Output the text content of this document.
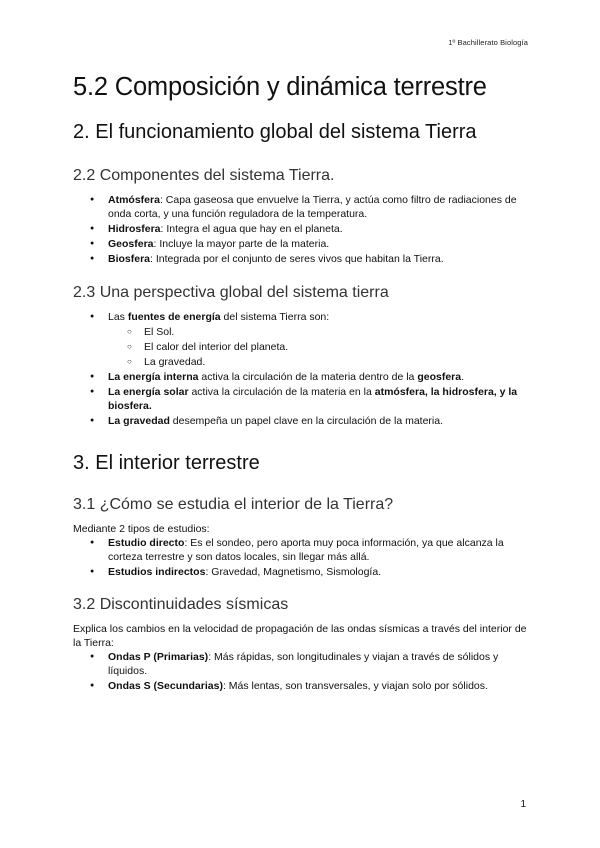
1º Bachillerato Biología
5.2 Composición y dinámica terrestre
2. El funcionamiento global del sistema Tierra
2.2 Componentes del sistema Tierra.
● Atmósfera: Capa gaseosa que envuelve la Tierra, y actúa como filtro de radiaciones de onda corta, y una función reguladora de la temperatura.
● Hidrosfera: Integra el agua que hay en el planeta.
● Geosfera: Incluye la mayor parte de la materia.
● Biosfera: Integrada por el conjunto de seres vivos que habitan la Tierra.
2.3 Una perspectiva global del sistema tierra
● Las fuentes de energía del sistema Tierra son:
○ El Sol.
○ El calor del interior del planeta.
○ La gravedad.
● La energía interna activa la circulación de la materia dentro de la geosfera.
● La energía solar activa la circulación de la materia en la atmósfera, la hidrosfera, y la biosfera.
● La gravedad desempeña un papel clave en la circulación de la materia.
3. El interior terrestre
3.1 ¿Cómo se estudia el interior de la Tierra?
Mediante 2 tipos de estudios:
● Estudio directo: Es el sondeo, pero aporta muy poca información, ya que alcanza la corteza terrestre y son datos locales, sin llegar más allá.
● Estudios indirectos: Gravedad, Magnetismo, Sismología.
3.2 Discontinuidades sísmicas
Explica los cambios en la velocidad de propagación de las ondas sísmicas a través del interior de la Tierra:
● Ondas P (Primarias): Más rápidas, son longitudinales y viajan a través de sólidos y líquidos.
● Ondas S (Secundarias): Más lentas, son transversales, y viajan solo por sólidos.
1
